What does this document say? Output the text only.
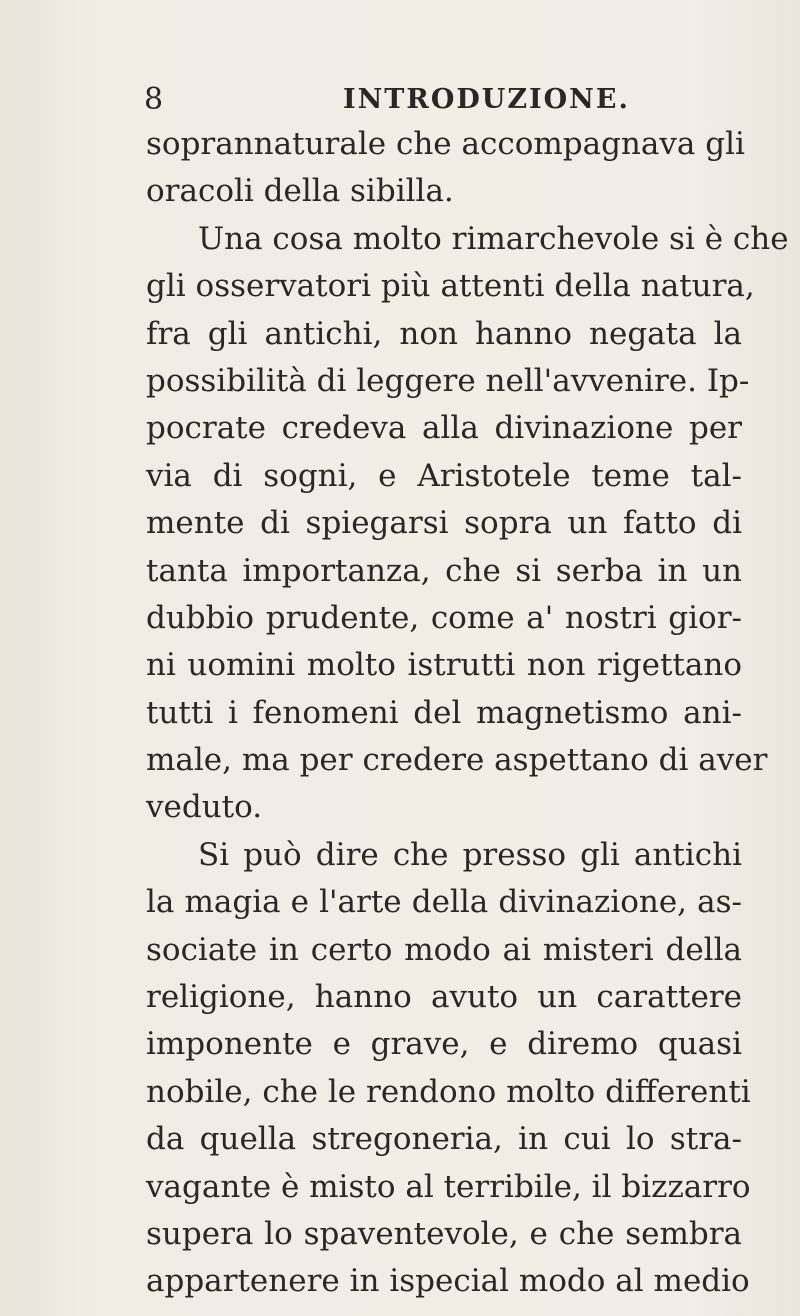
8	INTRODUZIONE.
soprannaturale che accompagnava gli
oracoli della sibilla.
Una cosa molto rimarchevole si è che
gli osservatori più attenti della natura,
fra gli antichi, non hanno negata la
possibilità di leggere nell'avvenire. Ip-
pocrate credeva alla divinazione per
via di sogni, e Aristotele teme tal-
mente di spiegarsi sopra un fatto di
tanta importanza, che si serba in un
dubbio prudente, come a' nostri gior-
ni uomini molto istrutti non rigettano
tutti i fenomeni del magnetismo ani-
male, ma per credere aspettano di aver
veduto.
Si può dire che presso gli antichi
la magia e l'arte della divinazione, as-
sociate in certo modo ai misteri della
religione, hanno avuto un carattere
imponente e grave, e diremo quasi
nobile, che le rendono molto differenti
da quella stregoneria, in cui lo stra-
vagante è misto al terribile, il bizzarro
supera lo spaventevole, e che sembra
appartenere in ispecial modo al medio
